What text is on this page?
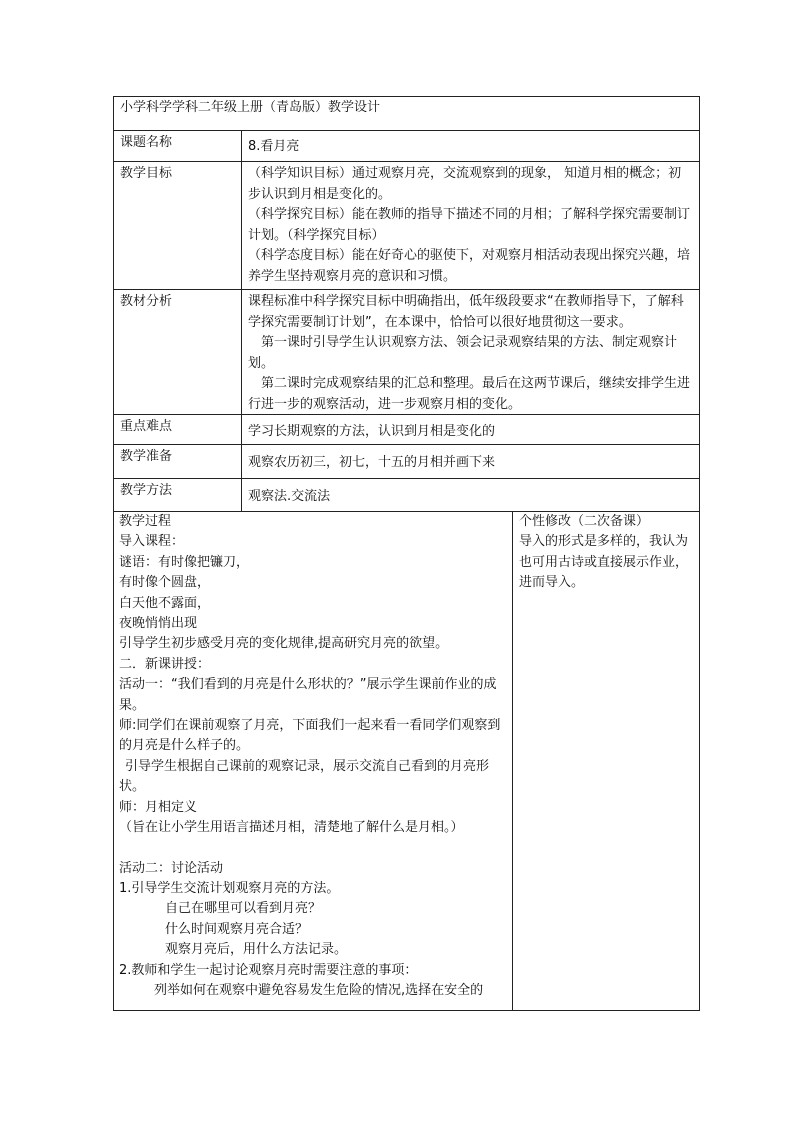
小学科学学科二年级上册（青岛版）教学设计
课题名称	8.看月亮
教学目标	（科学知识目标）通过观察月亮，交流观察到的现象， 知道月相的概念；初步认识到月相是变化的。

（科学探究目标）能在教师的指导下描述不同的月相；了解科学探究需要制订计划。（科学探究目标）

（科学态度目标）能在好奇心的驱使下，对观察月相活动表现出探究兴趣，培养学生坚持观察月亮的意识和习惯。

教材分析	课程标准中科学探究目标中明确指出，低年级段要求“在教师指导下，了解科学探究需要制订计划”，在本课中，恰恰可以很好地贯彻这一要求。

第一课时引导学生认识观察方法、领会记录观察结果的方法、制定观察计划。

第二课时完成观察结果的汇总和整理。最后在这两节课后，继续安排学生进行进一步的观察活动，进一步观察月相的变化。

重点难点	学习长期观察的方法，认识到月相是变化的
教学准备	观察农历初三，初七，十五的月相并画下来
教学方法	观察法.交流法

教学过程

导入课程：

谜语：有时像把镰刀，

有时像个圆盘，

白天他不露面，

夜晚悄悄出现

引导学生初步感受月亮的变化规律,提高研究月亮的欲望。

二．新课讲授：

活动一：“我们看到的月亮是什么形状的？”展示学生课前作业的成果。

师:同学们在课前观察了月亮，下面我们一起来看一看同学们观察到的月亮是什么样子的。

引导学生根据自己课前的观察记录，展示交流自己看到的月亮形状。

师：月相定义

（旨在让小学生用语言描述月相，清楚地了解什么是月相。）

活动二：讨论活动

1.引导学生交流计划观察月亮的方法。

自己在哪里可以看到月亮？

什么时间观察月亮合适？

观察月亮后，用什么方法记录。

2.教师和学生一起讨论观察月亮时需要注意的事项：

列举如何在观察中避免容易发生危险的情况,选择在安全的

个性修改（二次备课）

导入的形式是多样的，我认为也可用古诗或直接展示作业，进而导入。
